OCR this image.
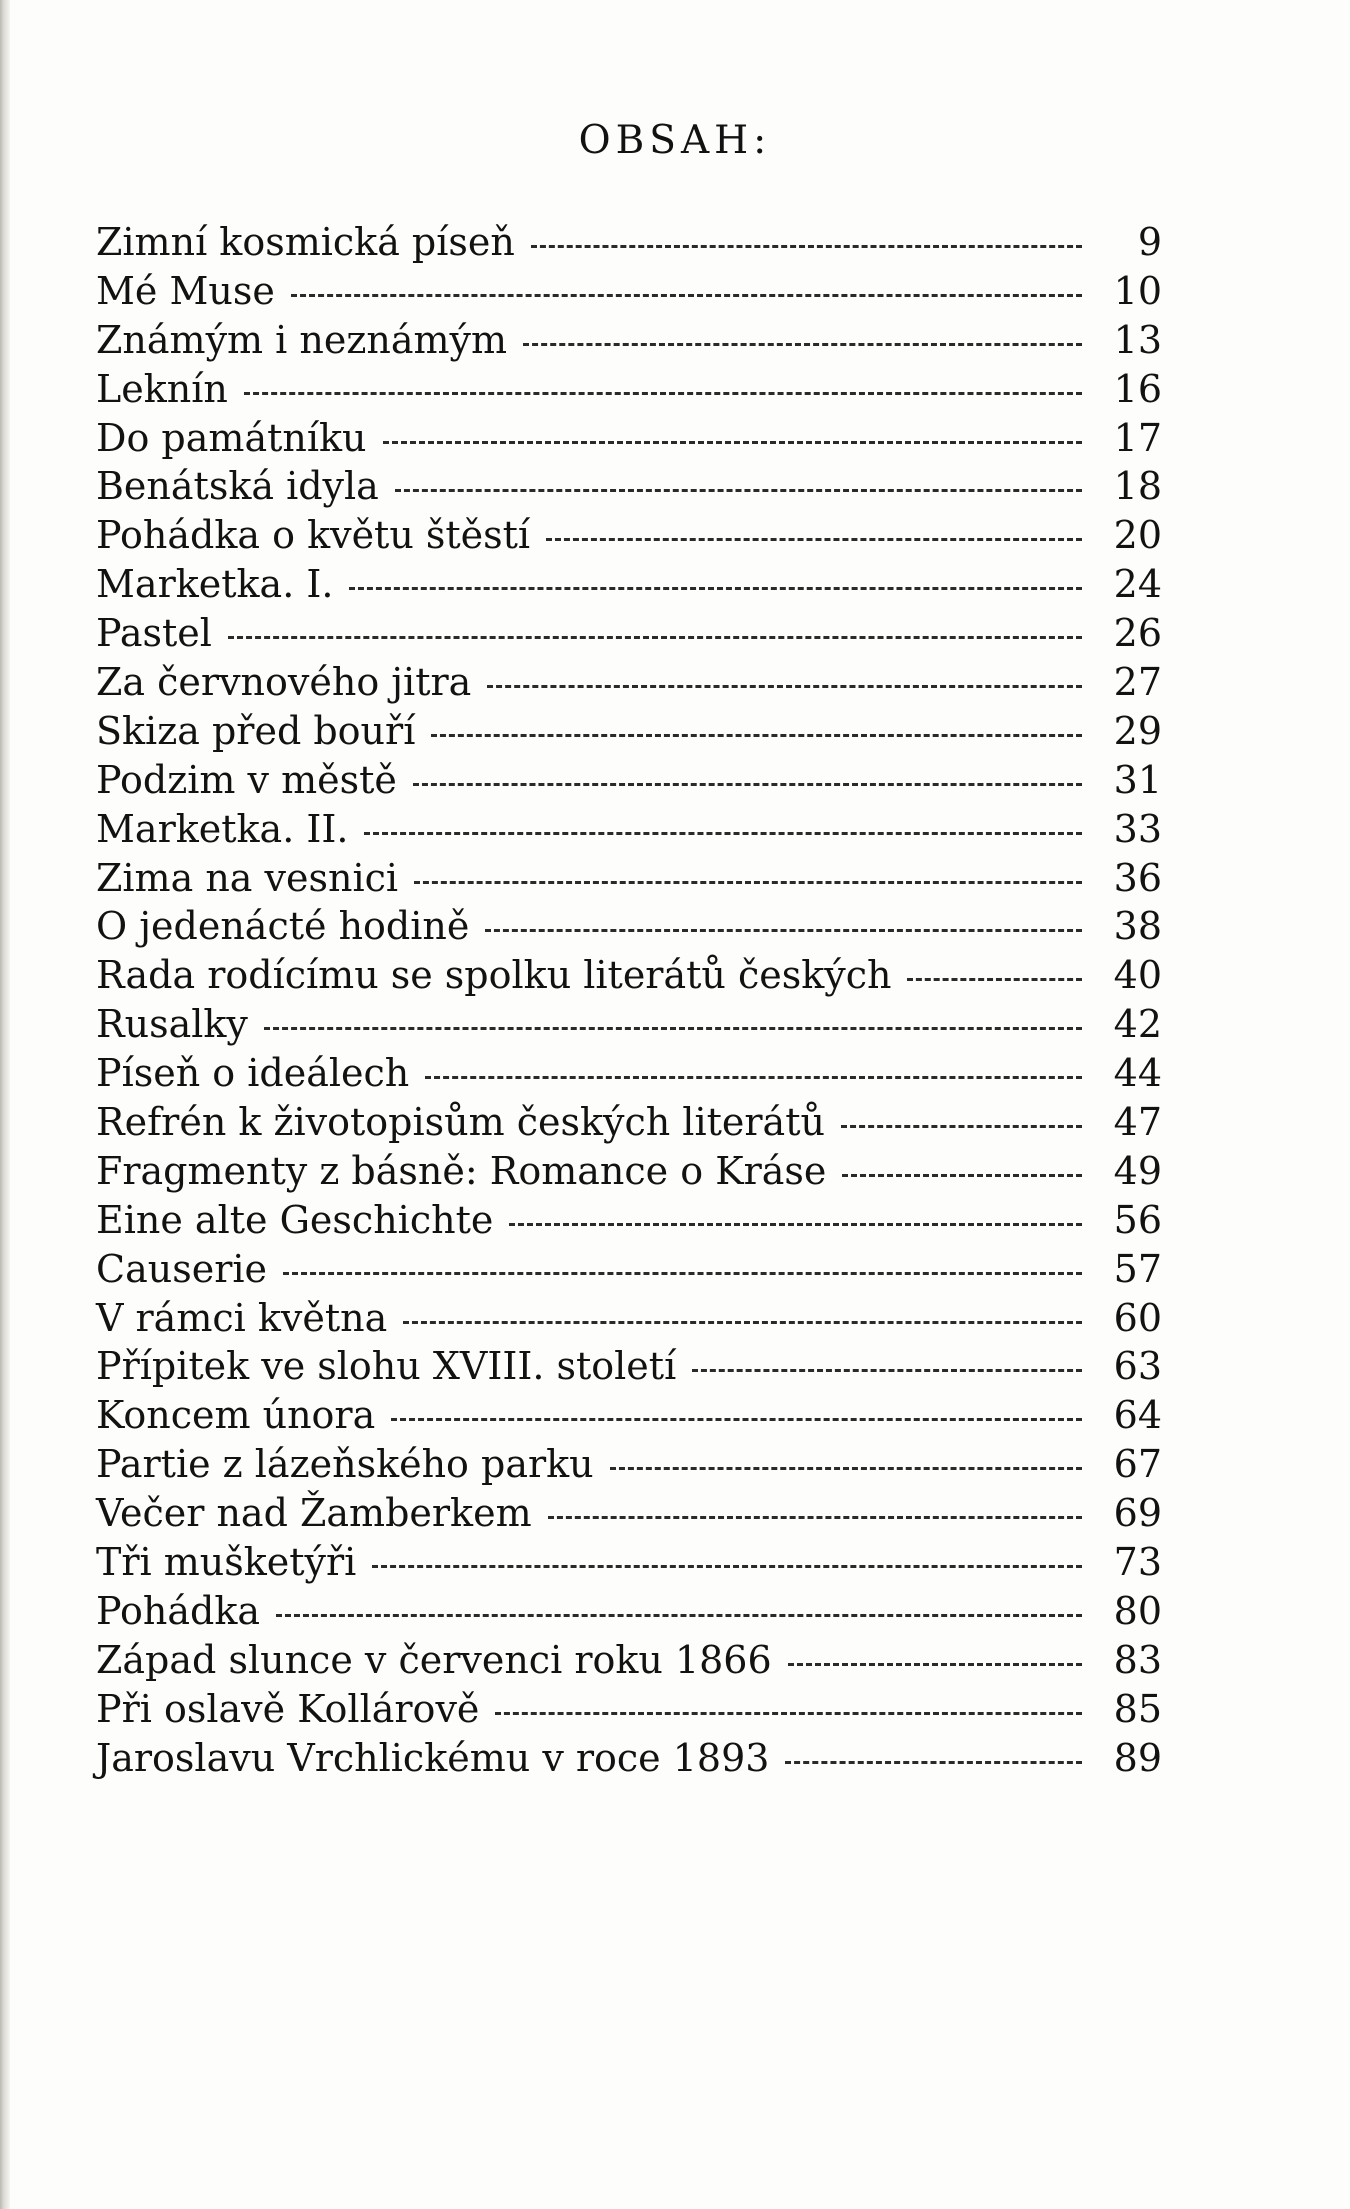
OBSAH:
Zimní kosmická píseň	9
Mé Muse	10
Známým i neznámým	13
Leknín	16
Do památníku	17
Benátská idyla	18
Pohádka o květu štěstí	20
Marketka. I.	24
Pastel	26
Za červnového jitra	27
Skiza před bouří	29
Podzim v městě	31
Marketka. II.	33
Zima na vesnici	36
O jedenácté hodině	38
Rada rodícímu se spolku literátů českých	40
Rusalky	42
Píseň o ideálech	44
Refrén k životopisům českých literátů	47
Fragmenty z básně: Romance o Kráse	49
Eine alte Geschichte	56
Causerie	57
V rámci května	60
Přípitek ve slohu XVIII. století	63
Koncem února	64
Partie z lázeňského parku	67
Večer nad Žamberkem	69
Tři mušketýři	73
Pohádka	80
Západ slunce v červenci roku 1866	83
Při oslavě Kollárově	85
Jaroslavu Vrchlickému v roce 1893	89
